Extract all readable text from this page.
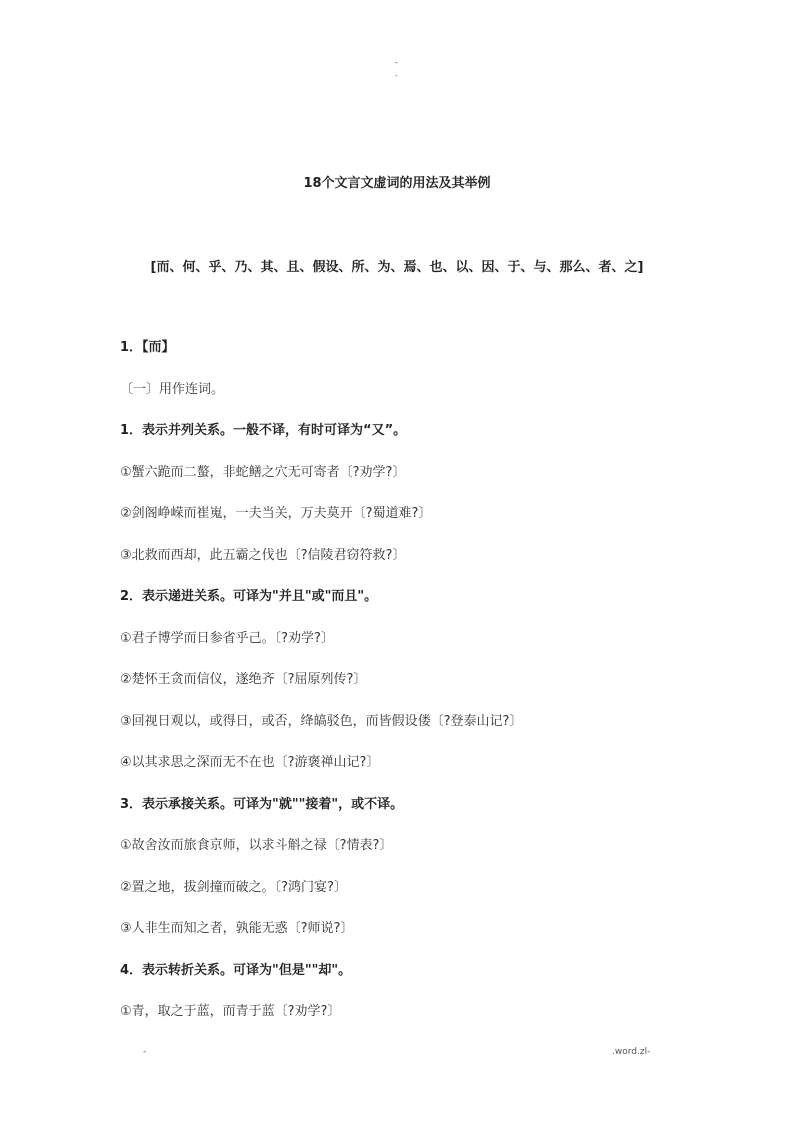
-
-
18个文言文虚词的用法及其举例
[而、何、乎、乃、其、且、假设、所、为、焉、也、以、因、于、与、那么、者、之]
1．【而】
〔一〕用作连词。
1．表示并列关系。一般不译，有时可译为“又”。
①蟹六跪而二螯，非蛇鳝之穴无可寄者〔?劝学?〕
②剑阁峥嵘而崔嵬，一夫当关，万夫莫开〔?蜀道难?〕
③北救而西却，此五霸之伐也〔?信陵君窃符救?〕
2．表示递进关系。可译为"并且"或"而且"。
①君子博学而日参省乎己。〔?劝学?〕
②楚怀王贪而信仪，遂绝齐〔?屈原列传?〕
③回视日观以，或得日，或否，绛皜驳色，而皆假设偻〔?登泰山记?〕
④以其求思之深而无不在也〔?游褒禅山记?〕
3．表示承接关系。可译为"就""接着"，或不译。
①故舍汝而旅食京师，以求斗斛之禄〔?情表?〕
②置之地，拔剑撞而破之。〔?鸿门宴?〕
③人非生而知之者，孰能无惑〔?师说?〕
4．表示转折关系。可译为"但是""却"。
①青，取之于蓝，而青于蓝〔?劝学?〕
-	.word.zl-
